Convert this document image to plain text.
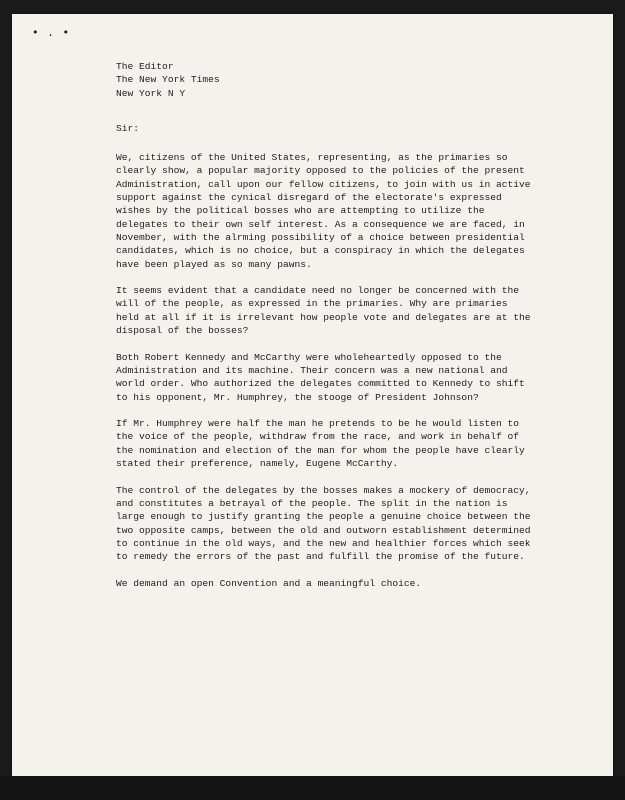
• . •
The Editor
The New York Times
New York N Y
Sir:
We, citizens of the United States, representing, as the primaries so clearly show, a popular majority opposed to the policies of the present Administration, call upon our fellow citizens, to join with us in active support against the cynical disregard of the electorate's expressed wishes by the political bosses who are attempting to utilize the delegates to their own self interest. As a consequence we are faced, in November, with the alrming possibility of a choice between presidential candidates, which is no choice, but a conspiracy in which the delegates have been played as so many pawns.
It seems evident that a candidate need no longer be concerned with the will of the people, as expressed in the primaries. Why are primaries held at all if it is irrelevant how people vote and delegates are at the disposal of the bosses?
Both Robert Kennedy and McCarthy were wholeheartedly opposed to the Administration and its machine. Their concern was a new national and world order. Who authorized the delegates committed to Kennedy to shift to his opponent, Mr. Humphrey, the stooge of President Johnson?
If Mr. Humphrey were half the man he pretends to be he would listen to the voice of the people, withdraw from the race, and work in behalf of the nomination and election of the man for whom the people have clearly stated their preference, namely, Eugene McCarthy.
The control of the delegates by the bosses makes a mockery of democracy, and constitutes a betrayal of the people. The split in the nation is large enough to justify granting the people a genuine choice between the two opposite camps, between the old and outworn establishment determined to continue in the old ways, and the new and healthier forces which seek to remedy the errors of the past and fulfill the promise of the future.
We demand an open Convention and a meaningful choice.
